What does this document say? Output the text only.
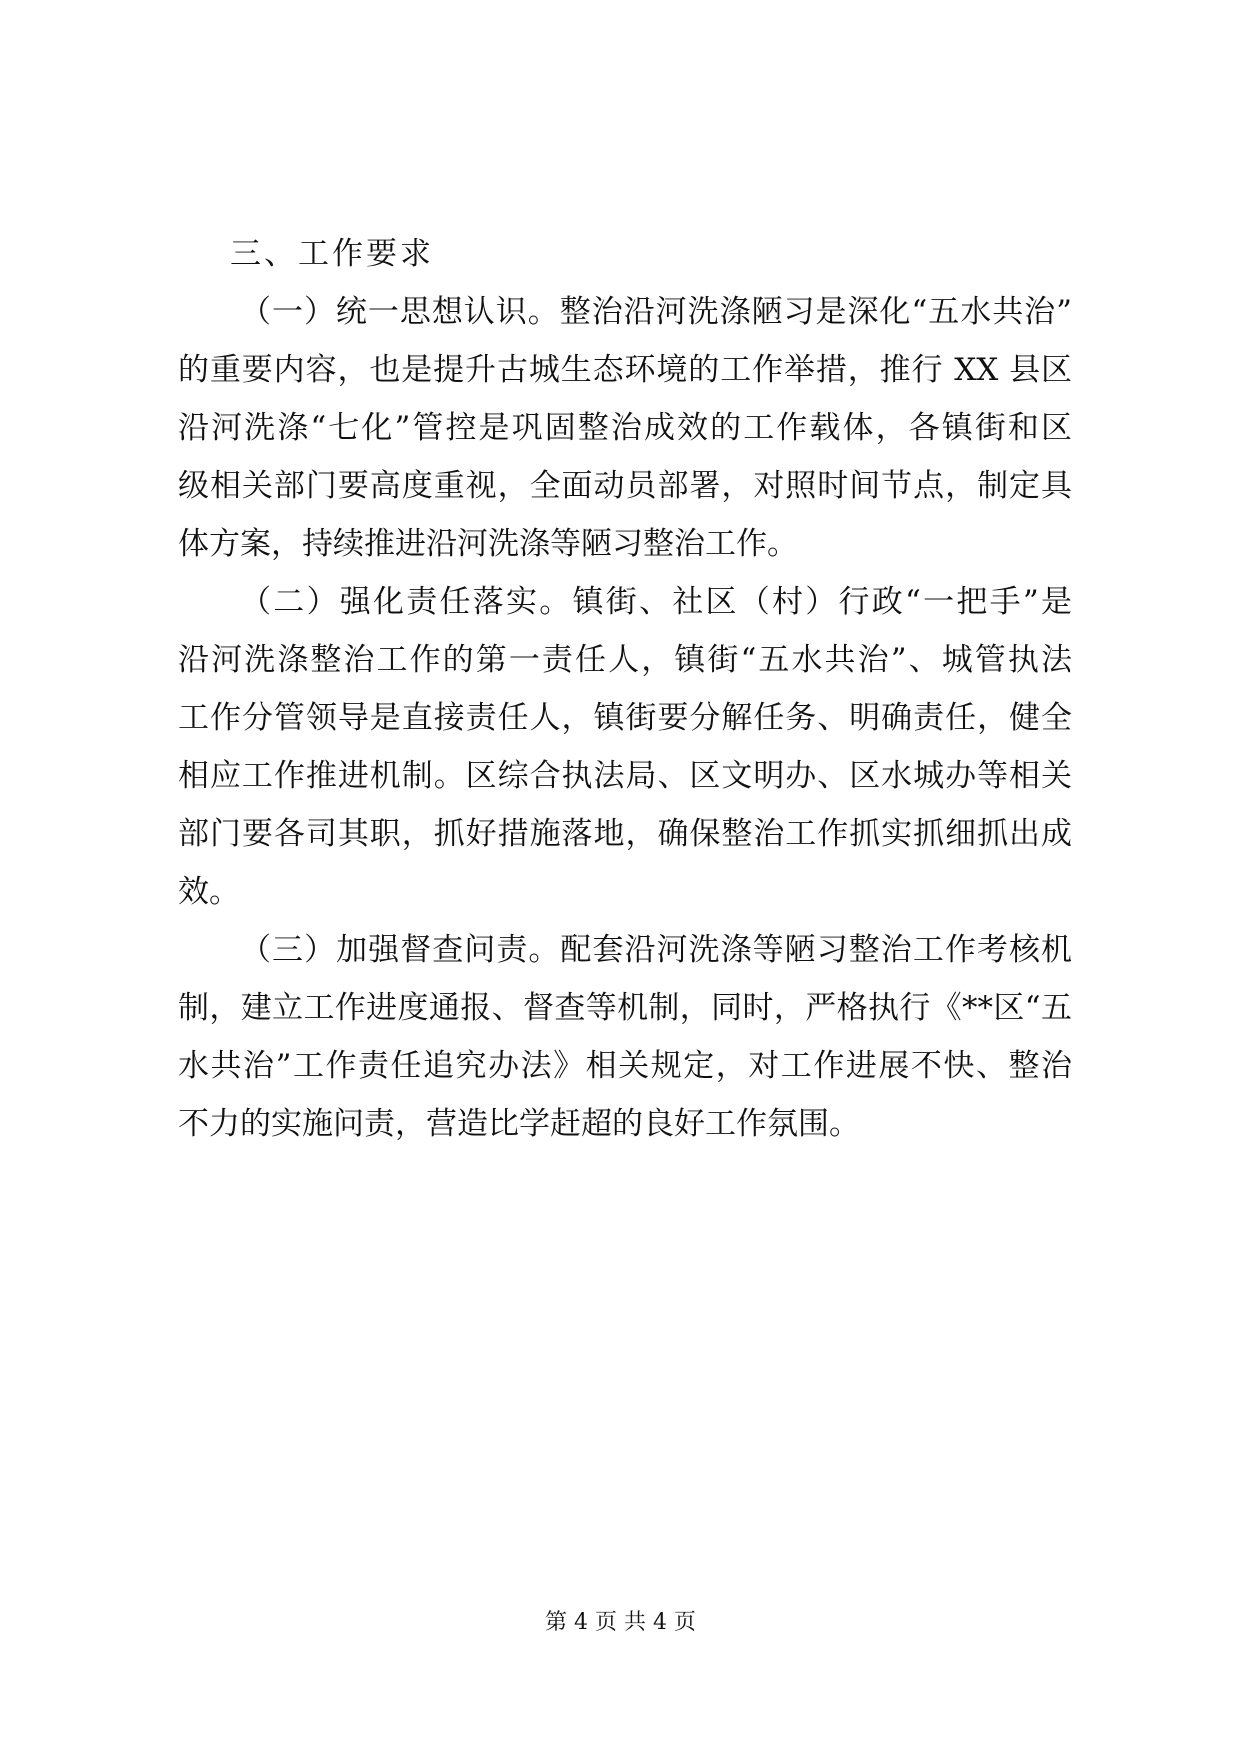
三、工作要求
（一）统一思想认识。整治沿河洗涤陋习是深化“五水共治”
的重要内容，也是提升古城生态环境的工作举措，推行 XX 县区
沿河洗涤“七化”管控是巩固整治成效的工作载体，各镇街和区
级相关部门要高度重视，全面动员部署，对照时间节点，制定具
体方案，持续推进沿河洗涤等陋习整治工作。
（二）强化责任落实。镇街、社区（村）行政“一把手”是
沿河洗涤整治工作的第一责任人，镇街“五水共治”、城管执法
工作分管领导是直接责任人，镇街要分解任务、明确责任，健全
相应工作推进机制。区综合执法局、区文明办、区水城办等相关
部门要各司其职，抓好措施落地，确保整治工作抓实抓细抓出成
效。
（三）加强督查问责。配套沿河洗涤等陋习整治工作考核机
制，建立工作进度通报、督查等机制，同时，严格执行《**区“五
水共治”工作责任追究办法》相关规定，对工作进展不快、整治
不力的实施问责，营造比学赶超的良好工作氛围。
第 4 页 共 4 页
